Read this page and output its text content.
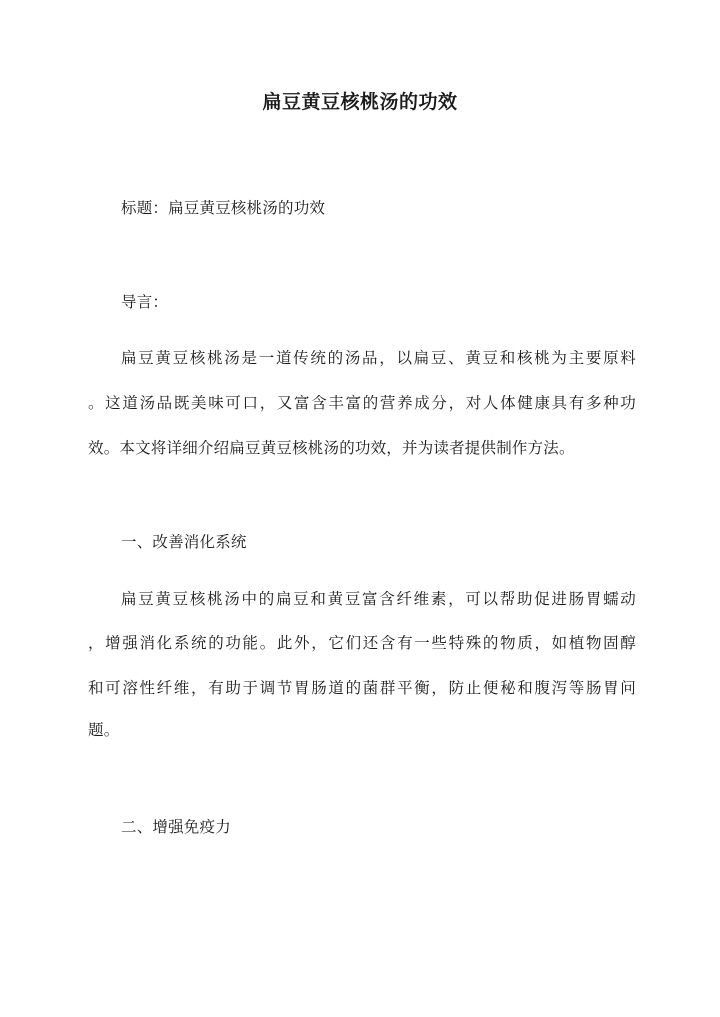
扁豆黄豆核桃汤的功效
标题：扁豆黄豆核桃汤的功效
导言：
扁豆黄豆核桃汤是一道传统的汤品，以扁豆、黄豆和核桃为主要原料
。这道汤品既美味可口，又富含丰富的营养成分，对人体健康具有多种功
效。本文将详细介绍扁豆黄豆核桃汤的功效，并为读者提供制作方法。
一、改善消化系统
扁豆黄豆核桃汤中的扁豆和黄豆富含纤维素，可以帮助促进肠胃蠕动
，增强消化系统的功能。此外，它们还含有一些特殊的物质，如植物固醇
和可溶性纤维，有助于调节胃肠道的菌群平衡，防止便秘和腹泻等肠胃问
题。
二、增强免疫力
